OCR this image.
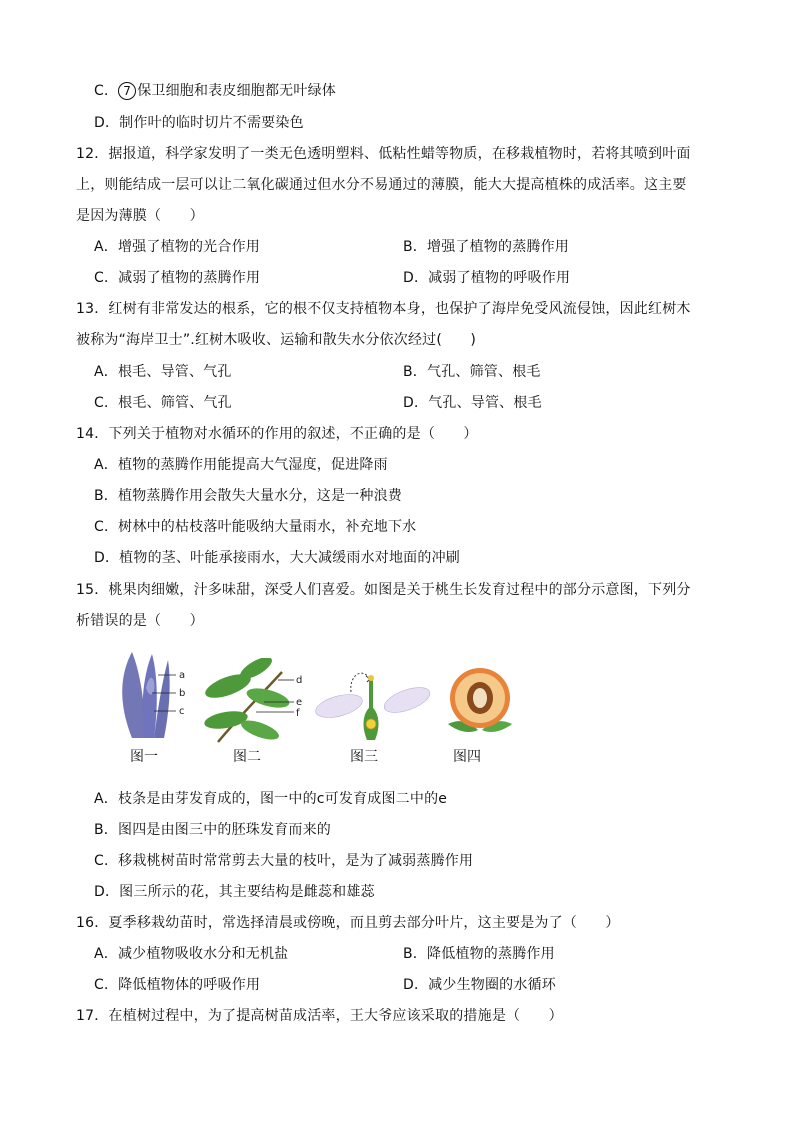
C． 7 保卫细胞和表皮细胞都无叶绿体
D．制作叶的临时切片不需要染色
12．据报道，科学家发明了一类无色透明塑料、低粘性蜡等物质，在移栽植物时，若将其喷到叶面
上，则能结成一层可以让二氧化碳通过但水分不易通过的薄膜，能大大提高植株的成活率。这主要
是因为薄膜（　　）
A．增强了植物的光合作用	B．增强了植物的蒸腾作用
C．减弱了植物的蒸腾作用	D．减弱了植物的呼吸作用
13．红树有非常发达的根系，它的根不仅支持植物本身，也保护了海岸免受风流侵蚀，因此红树木
被称为“海岸卫士”.红树木吸收、运输和散失水分依次经过(　　)
A．根毛、导管、气孔	B．气孔、筛管、根毛
C．根毛、筛管、气孔	D．气孔、导管、根毛
14．下列关于植物对水循环的作用的叙述，不正确的是（　　）
A．植物的蒸腾作用能提高大气湿度，促进降雨
B．植物蒸腾作用会散失大量水分，这是一种浪费
C．树林中的枯枝落叶能吸纳大量雨水，补充地下水
D．植物的茎、叶能承接雨水，大大减缓雨水对地面的冲刷
15．桃果肉细嫩，汁多味甜，深受人们喜爱。如图是关于桃生长发育过程中的部分示意图，下列分
析错误的是（　　）
a
b
c
d
e
f
图一	图二	图三	图四
A．枝条是由芽发育成的，图一中的c可发育成图二中的e
B．图四是由图三中的胚珠发育而来的
C．移栽桃树苗时常常剪去大量的枝叶，是为了减弱蒸腾作用
D．图三所示的花，其主要结构是雌蕊和雄蕊
16．夏季移栽幼苗时，常选择清晨或傍晚，而且剪去部分叶片，这主要是为了（　　）
A．减少植物吸收水分和无机盐	B．降低植物的蒸腾作用
C．降低植物体的呼吸作用	D．减少生物圈的水循环
17．在植树过程中，为了提高树苗成活率，王大爷应该采取的措施是（　　）
